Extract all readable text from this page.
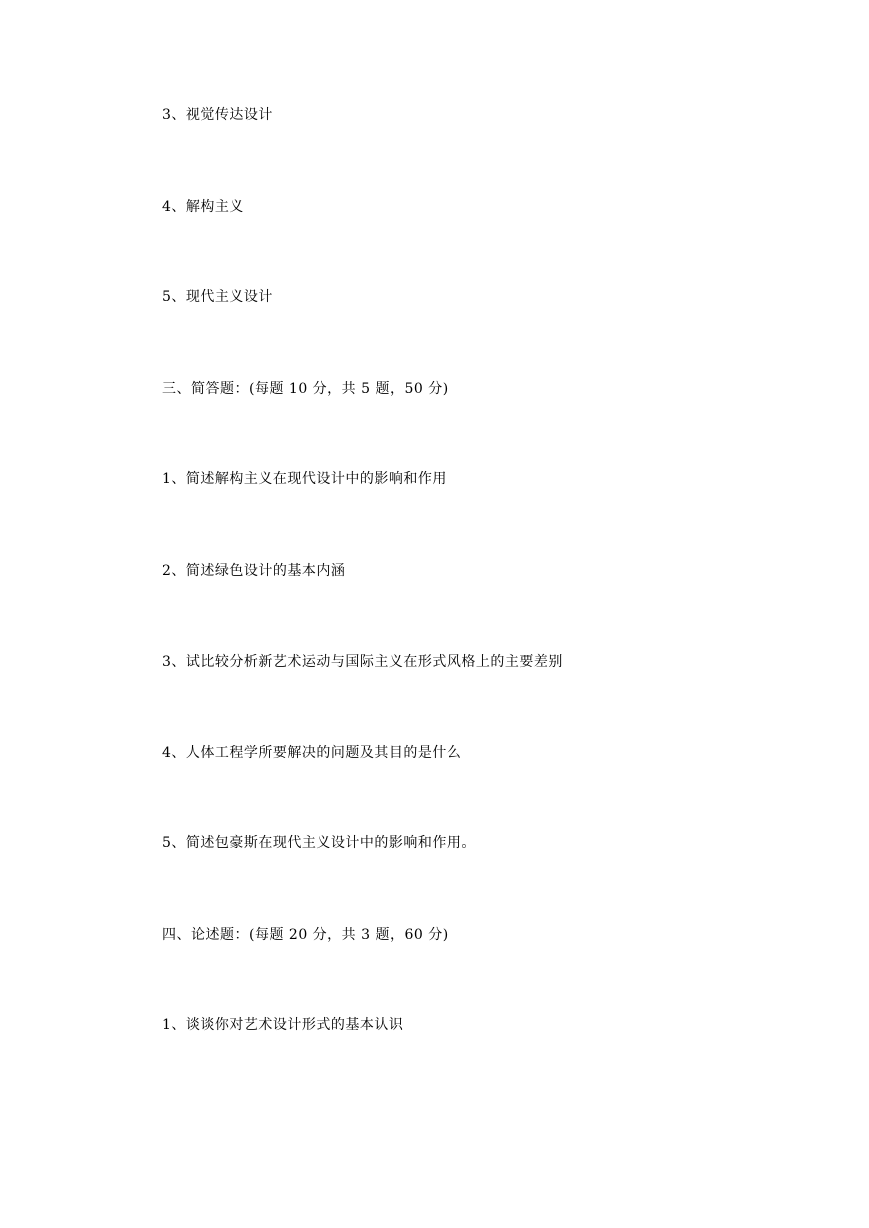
3、视觉传达设计
4、解构主义
5、现代主义设计
三、简答题：(每题 10 分，共 5 题，50 分)
1、简述解构主义在现代设计中的影响和作用
2、简述绿色设计的基本内涵
3、试比较分析新艺术运动与国际主义在形式风格上的主要差别
4、人体工程学所要解决的问题及其目的是什么
5、简述包豪斯在现代主义设计中的影响和作用。
四、论述题：(每题 20 分，共 3 题，60 分)
1、谈谈你对艺术设计形式的基本认识
